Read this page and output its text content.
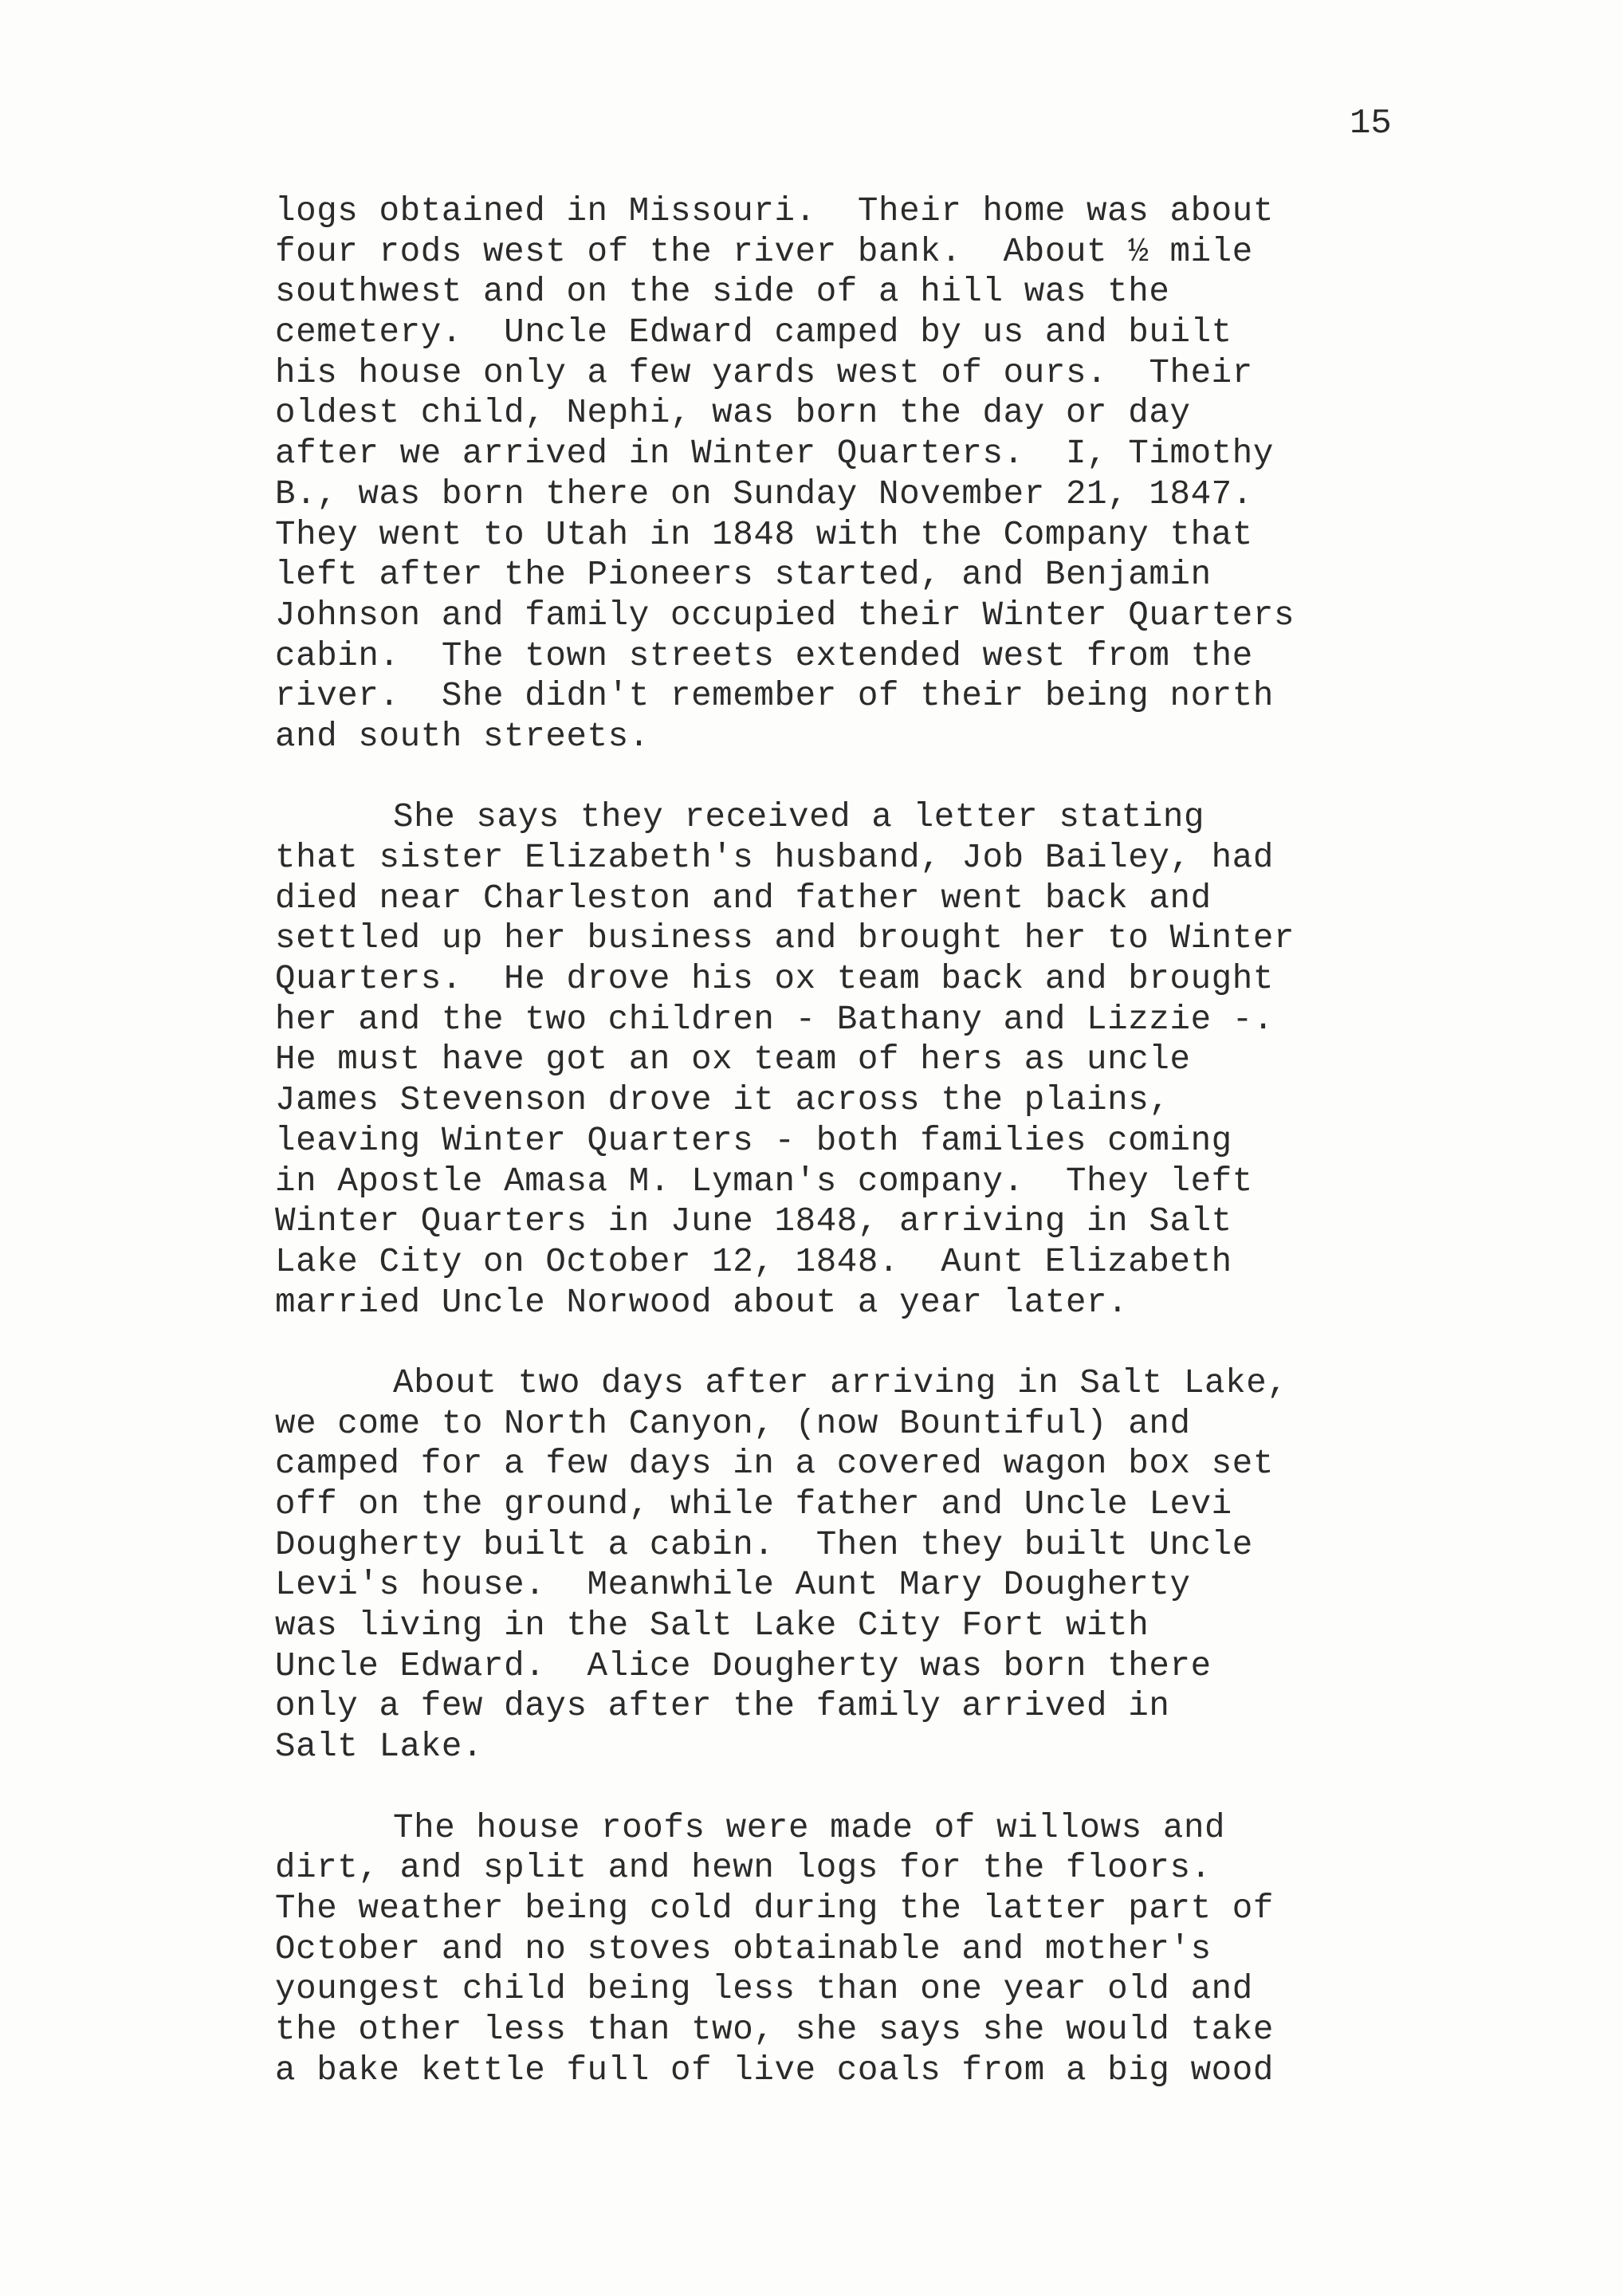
15

logs obtained in Missouri.  Their home was about
four rods west of the river bank.  About ½ mile
southwest and on the side of a hill was the
cemetery.  Uncle Edward camped by us and built
his house only a few yards west of ours.  Their
oldest child, Nephi, was born the day or day
after we arrived in Winter Quarters.  I, Timothy
B., was born there on Sunday November 21, 1847.
They went to Utah in 1848 with the Company that
left after the Pioneers started, and Benjamin
Johnson and family occupied their Winter Quarters
cabin.  The town streets extended west from the
river.  She didn't remember of their being north
and south streets.

She says they received a letter stating
that sister Elizabeth's husband, Job Bailey, had
died near Charleston and father went back and
settled up her business and brought her to Winter
Quarters.  He drove his ox team back and brought
her and the two children - Bathany and Lizzie -.
He must have got an ox team of hers as uncle
James Stevenson drove it across the plains,
leaving Winter Quarters - both families coming
in Apostle Amasa M. Lyman's company.  They left
Winter Quarters in June 1848, arriving in Salt
Lake City on October 12, 1848.  Aunt Elizabeth
married Uncle Norwood about a year later.

About two days after arriving in Salt Lake,
we come to North Canyon, (now Bountiful) and
camped for a few days in a covered wagon box set
off on the ground, while father and Uncle Levi
Dougherty built a cabin.  Then they built Uncle
Levi's house.  Meanwhile Aunt Mary Dougherty
was living in the Salt Lake City Fort with
Uncle Edward.  Alice Dougherty was born there
only a few days after the family arrived in
Salt Lake.

The house roofs were made of willows and
dirt, and split and hewn logs for the floors.
The weather being cold during the latter part of
October and no stoves obtainable and mother's
youngest child being less than one year old and
the other less than two, she says she would take
a bake kettle full of live coals from a big wood
